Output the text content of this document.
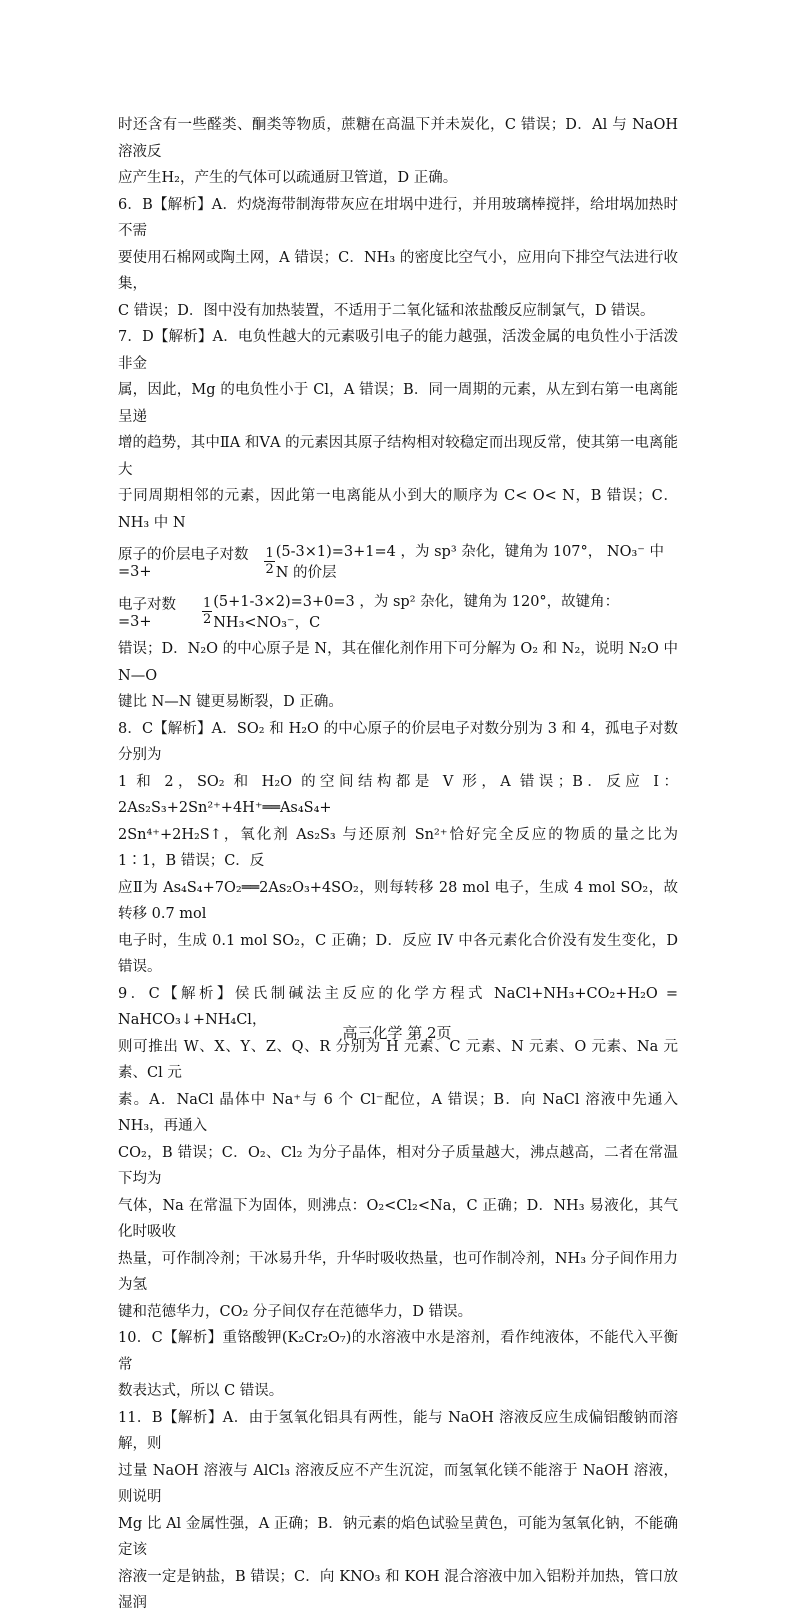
时还含有一些醛类、酮类等物质，蔗糖在高温下并未炭化，C 错误；D．Al 与 NaOH 溶液反

应产生H₂，产生的气体可以疏通厨卫管道，D 正确。

6．B【解析】A．灼烧海带制海带灰应在坩埚中进行，并用玻璃棒搅拌，给坩埚加热时不需

要使用石棉网或陶土网，A 错误；C．NH₃ 的密度比空气小，应用向下排空气法进行收集，

C 错误；D．图中没有加热装置，不适用于二氧化锰和浓盐酸反应制氯气，D 错误。

7．D【解析】A．电负性越大的元素吸引电子的能力越强，活泼金属的电负性小于活泼非金

属，因此，Mg 的电负性小于 Cl，A 错误；B．同一周期的元素，从左到右第一电离能呈递

增的趋势，其中ⅡA 和ⅤA 的元素因其原子结构相对较稳定而出现反常，使其第一电离能大

于同周期相邻的元素，因此第一电离能从小到大的顺序为 C< O< N，B 错误；C．NH₃ 中 N

原子的价层电子对数=3+	$\frac{1}{2} (5-3\times 1)=3+1=4$ ，为 sp³ 杂化，键角为 107°， NO₃⁻ 中 N 的价层
电子对数=3+	$\frac{1}{2} (5+1-3\times 2)=3+0=3$ ，为 sp² 杂化，键角为 120°，故键角：NH₃<NO₃⁻，C

错误；D．N₂O 的中心原子是 N，其在催化剂作用下可分解为 O₂ 和 N₂，说明 N₂O 中 N—O

键比 N—N 键更易断裂，D 正确。

8．C【解析】A．SO₂ 和 H₂O 的中心原子的价层电子对数分别为 3 和 4，孤电子对数分别为

1 和 2，SO₂ 和 H₂O 的空间结构都是 V 形，A 错误；B．反应 I：2As₂S₃+2Sn²⁺+4H⁺══As₄S₄+

2Sn⁴⁺+2H₂S↑，氧化剂 As₂S₃ 与还原剂 Sn²⁺恰好完全反应的物质的量之比为 1∶1，B 错误；C．反

应Ⅱ为 As₄S₄+7O₂══2As₂O₃+4SO₂，则每转移 28 mol 电子，生成 4 mol SO₂，故转移 0.7 mol

电子时，生成 0.1 mol SO₂，C 正确；D．反应 IV 中各元素化合价没有发生变化，D 错误。

9．C【解析】侯氏制碱法主反应的化学方程式 NaCl+NH₃+CO₂+H₂O = NaHCO₃↓+NH₄Cl，

则可推出 W、X、Y、Z、Q、R 分别为 H 元素、C 元素、N 元素、O 元素、Na 元素、Cl 元

素。A．NaCl 晶体中 Na⁺与 6 个 Cl⁻配位，A 错误；B．向 NaCl 溶液中先通入 NH₃，再通入

CO₂，B 错误；C．O₂、Cl₂ 为分子晶体，相对分子质量越大，沸点越高，二者在常温下均为

气体，Na 在常温下为固体，则沸点：O₂<Cl₂<Na，C 正确；D．NH₃ 易液化，其气化时吸收

热量，可作制冷剂；干冰易升华，升华时吸收热量，也可作制冷剂，NH₃ 分子间作用力为氢

键和范德华力，CO₂ 分子间仅存在范德华力，D 错误。

10．C【解析】重铬酸钾(K₂Cr₂O₇)的水溶液中水是溶剂，看作纯液体，不能代入平衡常

数表达式，所以 C 错误。

11．B【解析】A．由于氢氧化铝具有两性，能与 NaOH 溶液反应生成偏铝酸钠而溶解，则

过量 NaOH 溶液与 AlCl₃ 溶液反应不产生沉淀，而氢氧化镁不能溶于 NaOH 溶液，则说明

Mg 比 Al 金属性强，A 正确；B．钠元素的焰色试验呈黄色，可能为氢氧化钠，不能确定该

溶液一定是钠盐，B 错误；C．向 KNO₃ 和 KOH 混合溶液中加入铝粉并加热，管口放湿润

高三化学 第 2页
